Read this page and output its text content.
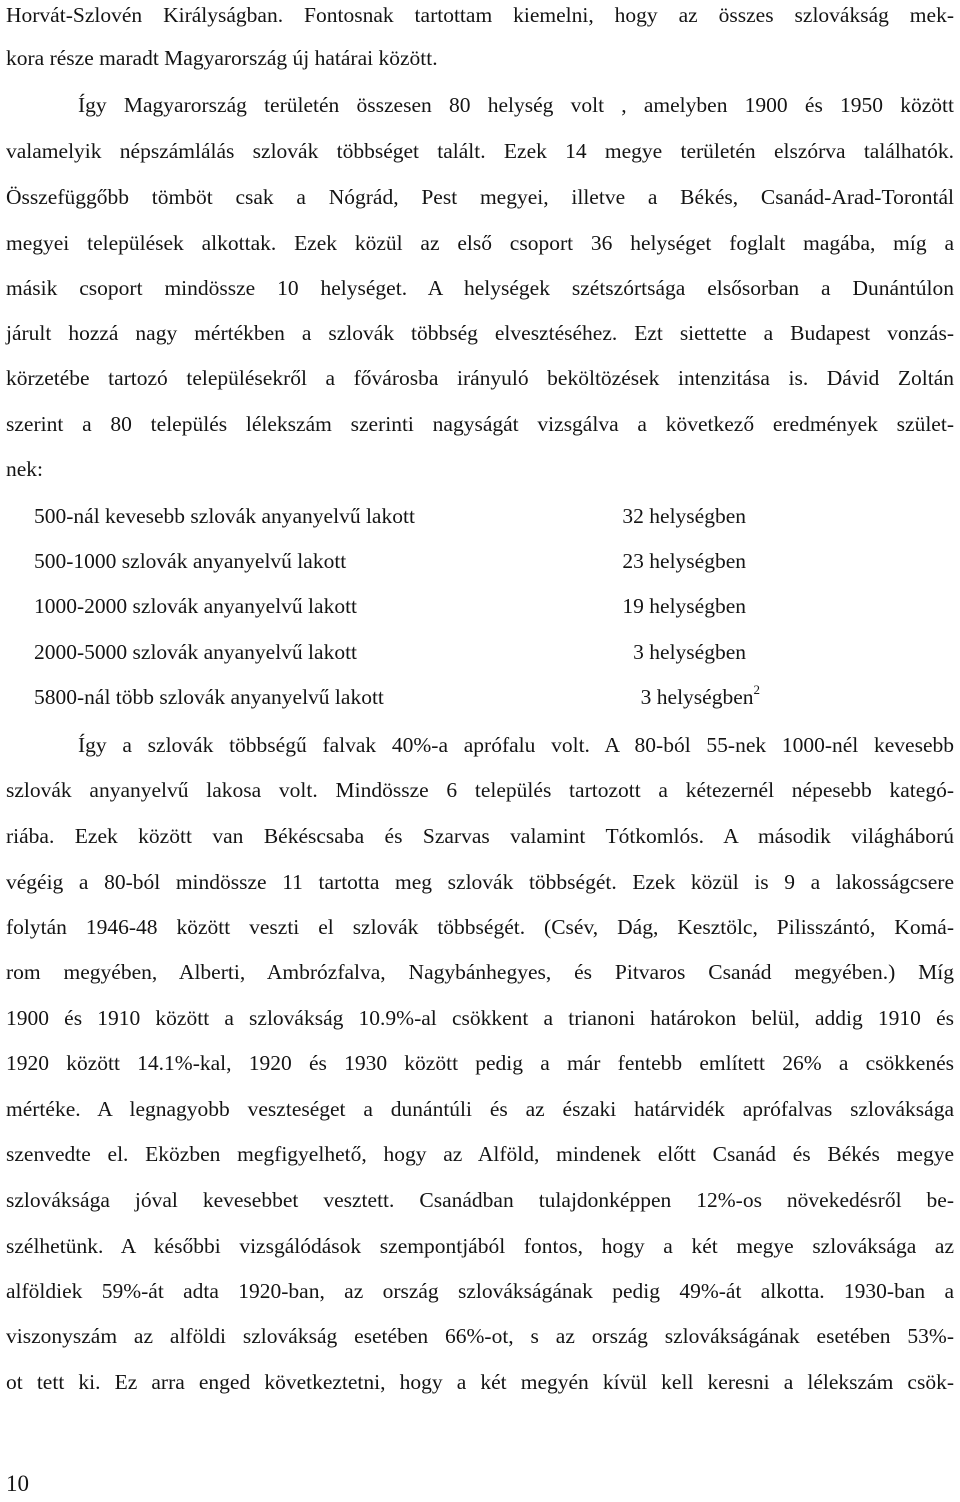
Horvát-Szlovén Királyságban. Fontosnak tartottam kiemelni, hogy az összes szlovákság mek-
kora része maradt Magyarország új határai között.
Így Magyarország területén összesen 80 helység volt , amelyben 1900 és 1950 között
valamelyik népszámlálás szlovák többséget talált. Ezek 14 megye területén elszórva találhatók.
Összefüggőbb tömböt csak a Nógrád, Pest megyei, illetve a Békés, Csanád-Arad-Torontál
megyei települések alkottak. Ezek közül az első csoport 36 helységet foglalt magába, míg a
másik csoport mindössze 10 helységet. A helységek szétszórtsága elsősorban a Dunántúlon
járult hozzá nagy mértékben a szlovák többség elvesztéséhez. Ezt siettette a Budapest vonzás-
körzetébe tartozó településekről a fővárosba irányuló beköltözések intenzitása is. Dávid Zoltán
szerint a 80 település lélekszám szerinti nagyságát vizsgálva a következő eredmények szület-
nek:
500-nál kevesebb szlovák anyanyelvű lakott	32 helységben
500-1000 szlovák anyanyelvű lakott	23 helységben
1000-2000 szlovák anyanyelvű lakott	19 helységben
2000-5000 szlovák anyanyelvű lakott	3 helységben
5800-nál több szlovák anyanyelvű lakott	3 helységben$^2$
Így a szlovák többségű falvak 40%-a aprófalu volt. A 80-ból 55-nek 1000-nél kevesebb
szlovák anyanyelvű lakosa volt. Mindössze 6 település tartozott a kétezernél népesebb kategó-
riába. Ezek között van Békéscsaba és Szarvas valamint Tótkomlós. A második világháború
végéig a 80-ból mindössze 11 tartotta meg szlovák többségét. Ezek közül is 9 a lakosságcsere
folytán 1946-48 között veszti el szlovák többségét. (Csév, Dág, Kesztölc, Pilisszántó, Komá-
rom megyében, Alberti, Ambrózfalva, Nagybánhegyes, és Pitvaros Csanád megyében.) Míg
1900 és 1910 között a szlovákság 10.9%-al csökkent a trianoni határokon belül, addig 1910 és
1920 között 14.1%-kal, 1920 és 1930 között pedig a már fentebb említett 26% a csökkenés
mértéke. A legnagyobb veszteséget a dunántúli és az északi határvidék aprófalvas szlováksága
szenvedte el. Eközben megfigyelhető, hogy az Alföld, mindenek előtt Csanád és Békés megye
szlováksága jóval kevesebbet vesztett. Csanádban tulajdonképpen 12%-os növekedésről be-
szélhetünk. A későbbi vizsgálódások szempontjából fontos, hogy a két megye szlováksága az
alföldiek 59%-át adta 1920-ban, az ország szlovákságának pedig 49%-át alkotta. 1930-ban a
viszonyszám az alföldi szlovákság esetében 66%-ot, s az ország szlovákságának esetében 53%-
ot tett ki. Ez arra enged következtetni, hogy a két megyén kívül kell keresni a lélekszám csök-
10
